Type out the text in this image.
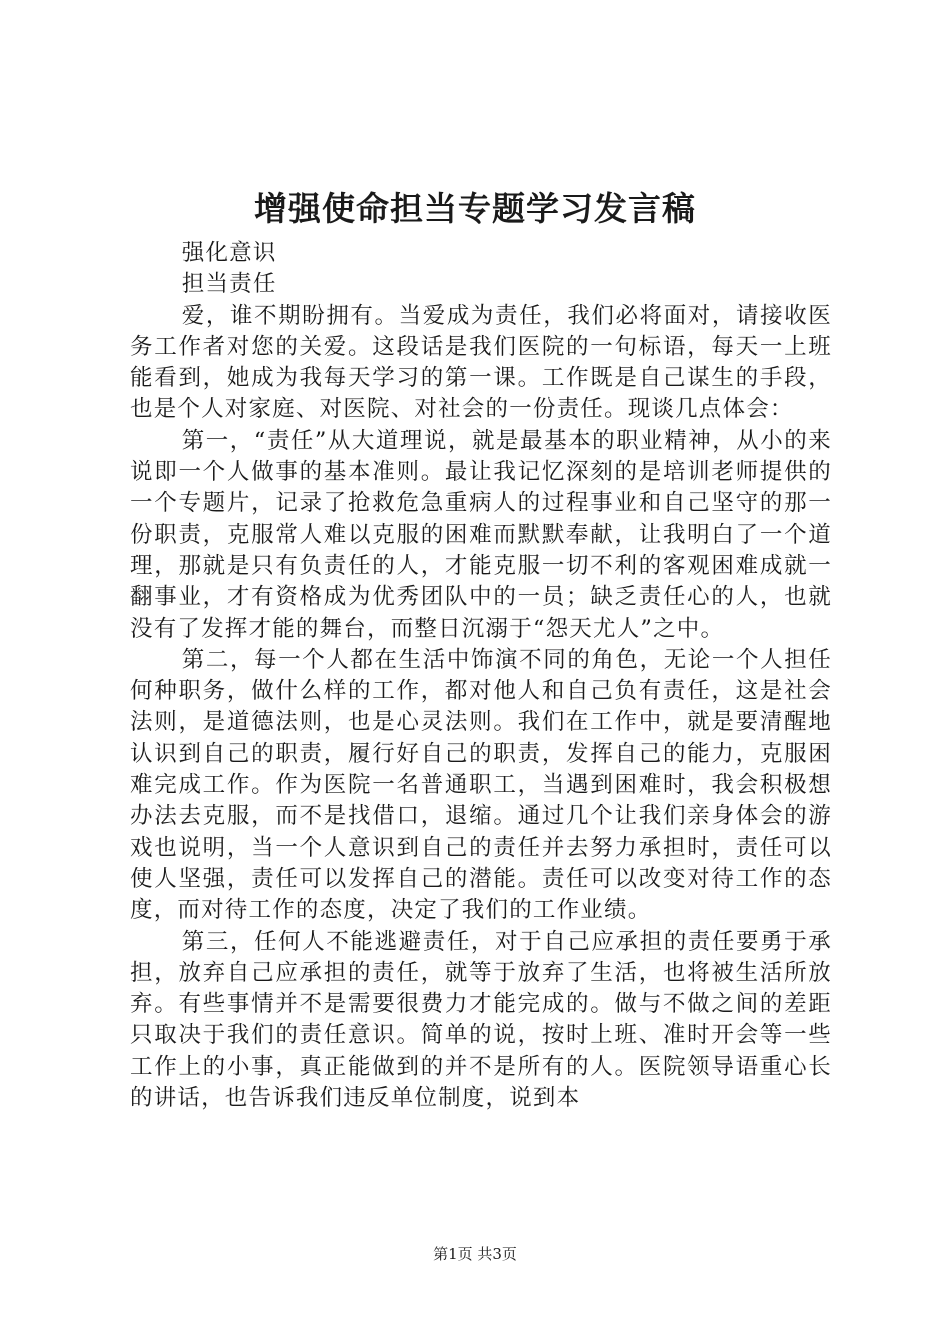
增强使命担当专题学习发言稿

强化意识

担当责任

爱，谁不期盼拥有。当爱成为责任，我们必将面对，请接收医务工作者对您的关爱。这段话是我们医院的一句标语，每天一上班能看到，她成为我每天学习的第一课。工作既是自己谋生的手段，也是个人对家庭、对医院、对社会的一份责任。现谈几点体会：

第一，“责任”从大道理说，就是最基本的职业精神，从小的来说即一个人做事的基本准则。最让我记忆深刻的是培训老师提供的一个专题片，记录了抢救危急重病人的过程事业和自己坚守的那一份职责，克服常人难以克服的困难而默默奉献，让我明白了一个道理，那就是只有负责任的人，才能克服一切不利的客观困难成就一翻事业，才有资格成为优秀团队中的一员；缺乏责任心的人，也就没有了发挥才能的舞台，而整日沉溺于“怨天尤人”之中。

第二，每一个人都在生活中饰演不同的角色，无论一个人担任何种职务，做什么样的工作，都对他人和自己负有责任，这是社会法则，是道德法则，也是心灵法则。我们在工作中，就是要清醒地认识到自己的职责，履行好自己的职责，发挥自己的能力，克服困难完成工作。作为医院一名普通职工，当遇到困难时，我会积极想办法去克服，而不是找借口，退缩。通过几个让我们亲身体会的游戏也说明，当一个人意识到自己的责任并去努力承担时，责任可以使人坚强，责任可以发挥自己的潜能。责任可以改变对待工作的态度，而对待工作的态度，决定了我们的工作业绩。

第三，任何人不能逃避责任，对于自己应承担的责任要勇于承担，放弃自己应承担的责任，就等于放弃了生活，也将被生活所放弃。有些事情并不是需要很费力才能完成的。做与不做之间的差距只取决于我们的责任意识。简单的说，按时上班、准时开会等一些工作上的小事，真正能做到的并不是所有的人。医院领导语重心长的讲话，也告诉我们违反单位制度，说到本

第1页 共3页
